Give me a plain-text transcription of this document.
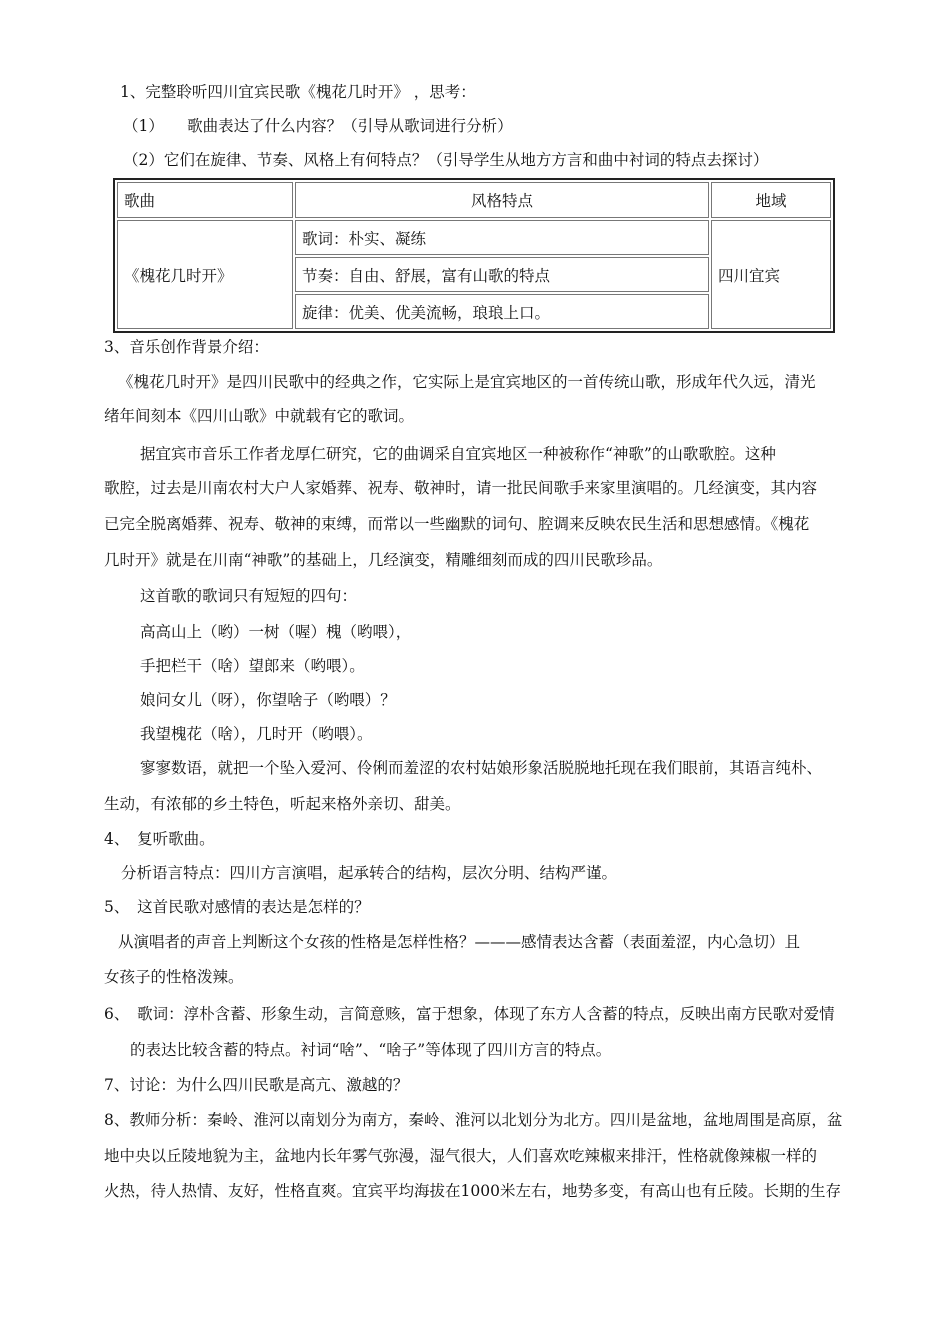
1、完整聆听四川宜宾民歌《槐花几时开》 ，思考：
（1）　　歌曲表达了什么内容？（引导从歌词进行分析）
（2）它们在旋律、节奏、风格上有何特点？（引导学生从地方方言和曲中衬词的特点去探讨）
歌曲	风格特点	地域
《槐花几时开》	歌词：朴实、凝练	四川宜宾
	节奏：自由、舒展，富有山歌的特点	
	旋律：优美、优美流畅，琅琅上口。	
3、音乐创作背景介绍：
《槐花几时开》是四川民歌中的经典之作，它实际上是宜宾地区的一首传统山歌，形成年代久远，清光
绪年间刻本《四川山歌》中就载有它的歌词。
据宜宾市音乐工作者龙厚仁研究，它的曲调采自宜宾地区一种被称作“神歌”的山歌歌腔。这种
歌腔，过去是川南农村大户人家婚葬、祝寿、敬神时，请一批民间歌手来家里演唱的。几经演变，其内容
已完全脱离婚葬、祝寿、敬神的束缚，而常以一些幽默的词句、腔调来反映农民生活和思想感情。《槐花
几时开》就是在川南“神歌”的基础上，几经演变，精雕细刻而成的四川民歌珍品。
这首歌的歌词只有短短的四句：
高高山上（哟）一树（喔）槐（哟喂），
手把栏干（啥）望郎来（哟喂）。
娘问女儿（呀），你望啥子（哟喂）？
我望槐花（啥），几时开（哟喂）。
寥寥数语，就把一个坠入爱河、伶俐而羞涩的农村姑娘形象活脱脱地托现在我们眼前，其语言纯朴、
生动，有浓郁的乡土特色，听起来格外亲切、甜美。
4、　复听歌曲。
分析语言特点：四川方言演唱，起承转合的结构，层次分明、结构严谨。
5、　这首民歌对感情的表达是怎样的？
从演唱者的声音上判断这个女孩的性格是怎样性格？———感情表达含蓄（表面羞涩，内心急切）且
女孩子的性格泼辣。
6、　歌词：淳朴含蓄、形象生动，言简意赅，富于想象，体现了东方人含蓄的特点，反映出南方民歌对爱情
的表达比较含蓄的特点。衬词“啥”、“啥子”等体现了四川方言的特点。
7、讨论：为什么四川民歌是高亢、激越的？
8、教师分析：秦岭、淮河以南划分为南方，秦岭、淮河以北划分为北方。四川是盆地，盆地周围是高原，盆
地中央以丘陵地貌为主，盆地内长年雾气弥漫，湿气很大，人们喜欢吃辣椒来排汗，性格就像辣椒一样的
火热，待人热情、友好，性格直爽。宜宾平均海拔在1000米左右，地势多变，有高山也有丘陵。长期的生存
